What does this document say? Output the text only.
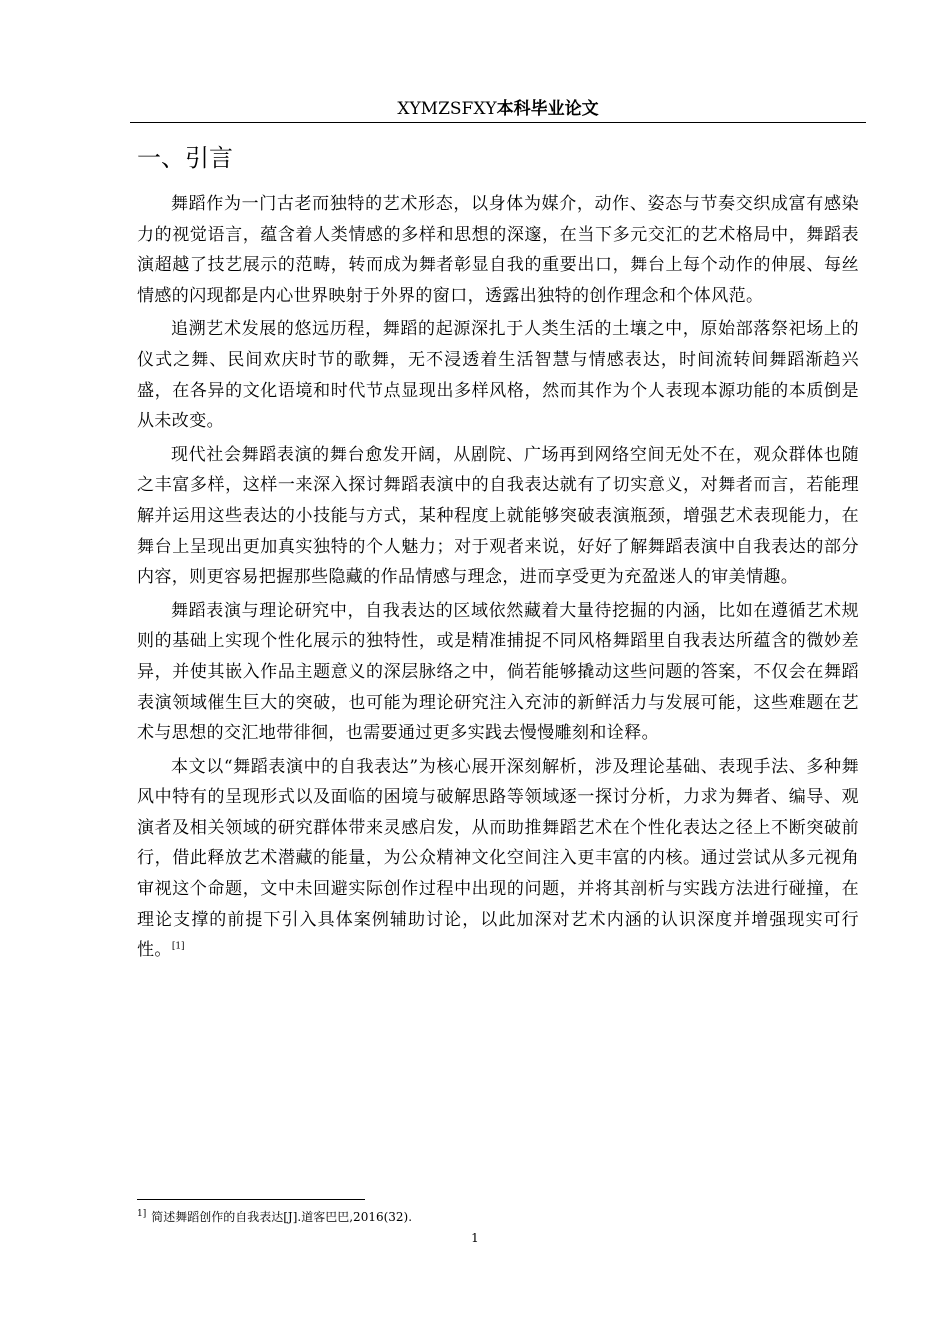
XYMZSFXY本科毕业论文
一、引言

舞蹈作为一门古老而独特的艺术形态，以身体为媒介，动作、姿态与节奏交织成富有感染力的视觉语言，蕴含着人类情感的多样和思想的深邃，在当下多元交汇的艺术格局中，舞蹈表演超越了技艺展示的范畴，转而成为舞者彰显自我的重要出口，舞台上每个动作的伸展、每丝情感的闪现都是内心世界映射于外界的窗口，透露出独特的创作理念和个体风范。

追溯艺术发展的悠远历程，舞蹈的起源深扎于人类生活的土壤之中，原始部落祭祀场上的仪式之舞、民间欢庆时节的歌舞，无不浸透着生活智慧与情感表达，时间流转间舞蹈渐趋兴盛，在各异的文化语境和时代节点显现出多样风格，然而其作为个人表现本源功能的本质倒是从未改变。

现代社会舞蹈表演的舞台愈发开阔，从剧院、广场再到网络空间无处不在，观众群体也随之丰富多样，这样一来深入探讨舞蹈表演中的自我表达就有了切实意义，对舞者而言，若能理解并运用这些表达的小技能与方式，某种程度上就能够突破表演瓶颈，增强艺术表现能力，在舞台上呈现出更加真实独特的个人魅力；对于观者来说，好好了解舞蹈表演中自我表达的部分内容，则更容易把握那些隐藏的作品情感与理念，进而享受更为充盈迷人的审美情趣。

舞蹈表演与理论研究中，自我表达的区域依然藏着大量待挖掘的内涵，比如在遵循艺术规则的基础上实现个性化展示的独特性，或是精准捕捉不同风格舞蹈里自我表达所蕴含的微妙差异，并使其嵌入作品主题意义的深层脉络之中，倘若能够撬动这些问题的答案，不仅会在舞蹈表演领域催生巨大的突破，也可能为理论研究注入充沛的新鲜活力与发展可能，这些难题在艺术与思想的交汇地带徘徊，也需要通过更多实践去慢慢雕刻和诠释。

本文以“舞蹈表演中的自我表达”为核心展开深刻解析，涉及理论基础、表现手法、多种舞风中特有的呈现形式以及面临的困境与破解思路等领域逐一探讨分析，力求为舞者、编导、观演者及相关领域的研究群体带来灵感启发，从而助推舞蹈艺术在个性化表达之径上不断突破前行，借此释放艺术潜藏的能量，为公众精神文化空间注入更丰富的内核。通过尝试从多元视角审视这个命题，文中未回避实际创作过程中出现的问题，并将其剖析与实践方法进行碰撞，在理论支撑的前提下引入具体案例辅助讨论，以此加深对艺术内涵的认识深度并增强现实可行性。[1]

$^{1]}$ 简述舞蹈创作的自我表达[J].道客巴巴,2016(32).
1
